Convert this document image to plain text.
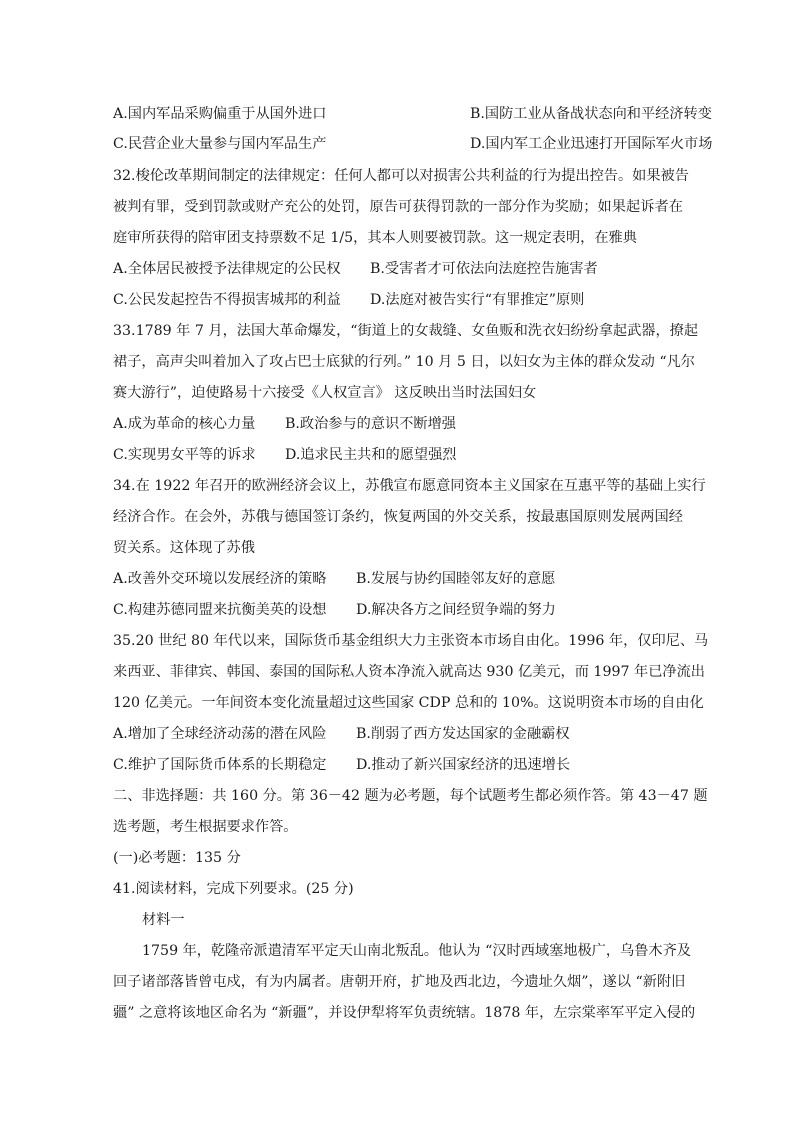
A.国内军品采购偏重于从国外进口	B.国防工业从备战状态向和平经济转变
C.民营企业大量参与国内军品生产	D.国内军工企业迅速打开国际军火市场
32.梭伦改革期间制定的法律规定：任何人都可以对损害公共利益的行为提出控告。如果被告
被判有罪，受到罚款或财产充公的处罚，原告可获得罚款的一部分作为奖励；如果起诉者在
庭审所获得的陪审团支持票数不足 1/5，其本人则要被罚款。这一规定表明，在雅典
A.全体居民被授予法律规定的公民权 B.受害者才可依法向法庭控告施害者
C.公民发起控告不得损害城邦的利益 D.法庭对被告实行“有罪推定”原则
33.1789 年 7 月，法国大革命爆发，“街道上的女裁缝、女鱼贩和洗衣妇纷纷拿起武器，撩起
裙子，高声尖叫着加入了攻占巴士底狱的行列。” 10 月 5 日，以妇女为主体的群众发动 “凡尔
赛大游行”，迫使路易十六接受《人权宣言》 这反映出当时法国妇女
A.成为革命的核心力量 B.政治参与的意识不断增强
C.实现男女平等的诉求 D.追求民主共和的愿望强烈
34.在 1922 年召开的欧洲经济会议上，苏俄宣布愿意同资本主义国家在互惠平等的基础上实行
经济合作。在会外，苏俄与德国签订条约，恢复两国的外交关系，按最惠国原则发展两国经
贸关系。这体现了苏俄
A.改善外交环境以发展经济的策略 B.发展与协约国睦邻友好的意愿
C.构建苏德同盟来抗衡美英的设想 D.解决各方之间经贸争端的努力
35.20 世纪 80 年代以来，国际货币基金组织大力主张资本市场自由化。1996 年，仅印尼、马
来西亚、菲律宾、韩国、泰国的国际私人资本净流入就高达 930 亿美元，而 1997 年已净流出
120 亿美元。一年间资本变化流量超过这些国家 CDP 总和的 10%。这说明资本市场的自由化
A.增加了全球经济动荡的潜在风险 B.削弱了西方发达国家的金融霸权
C.维护了国际货币体系的长期稳定 D.推动了新兴国家经济的迅速增长
二、非选择题：共 160 分。第 36－42 题为必考题，每个试题考生都必须作答。第 43－47 题
选考题，考生根据要求作答。
(一)必考题：135 分
41.阅读材料，完成下列要求。(25 分)
材料一
1759 年，乾隆帝派遣清军平定天山南北叛乱。他认为 “汉时西域塞地极广，乌鲁木齐及
回子诸部落皆曾屯戍，有为内属者。唐朝开府，扩地及西北边，今遗址久烟”，遂以 “新附旧
疆” 之意将该地区命名为 “新疆”，并设伊犁将军负责统辖。1878 年，左宗棠率军平定入侵的
